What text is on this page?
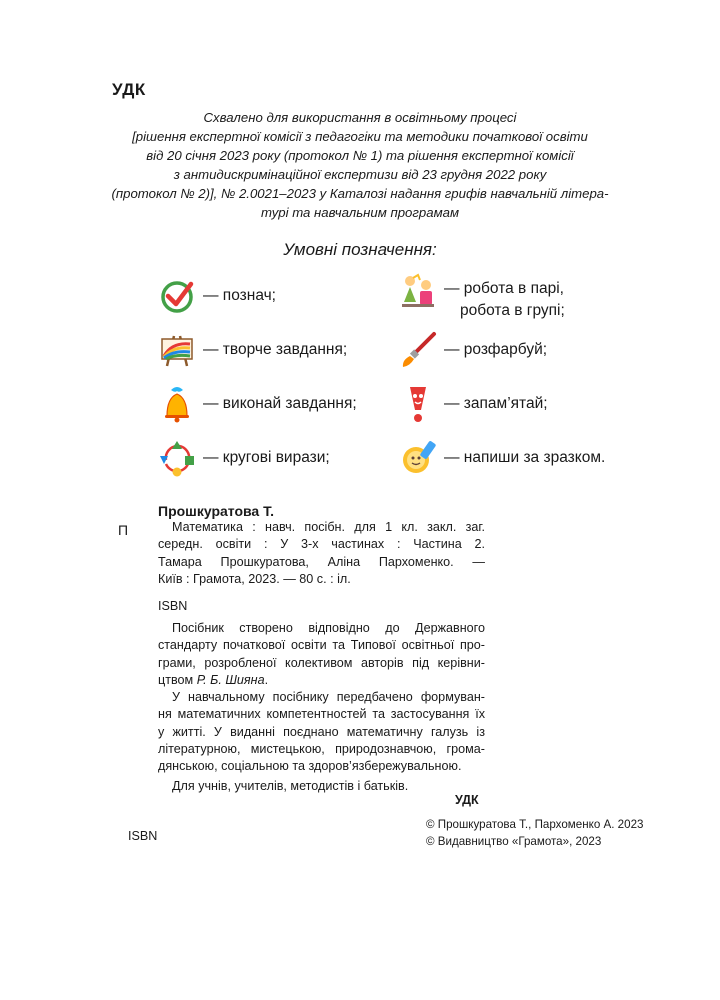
УДК
Схвалено для використання в освітньому процесі
[рішення експертної комісії з педагогіки та методики початкової освіти
від 20 січня 2023 року (протокол № 1) та рішення експертної комісії
з антидискримінаційної експертизи від 23 грудня 2022 року
(протокол № 2)], № 2.0021–2023 у Каталозі надання грифів навчальній літера-
турі та навчальним програмам
Умовні позначення:
— познач;
— творче завдання;
— виконай завдання;
— кругові вирази;
— робота в парі,
робота в групі;
— розфарбуй;
— запам’ятай;
— напиши за зразком.
Прошкуратова Т.
П	Математика : навч. посібн. для 1 кл. закл. заг.
середн. освіти : У 3-х частинах : Частина 2.
Тамара Прошкуратова, Аліна Пархоменко. —
Київ : Грамота, 2023. — 80 с. : іл.
ISBN
Посібник створено відповідно до Державного
стандарту початкової освіти та Типової освітньої про-
грами, розробленої колективом авторів під керівни-
цтвом Р. Б. Шияна.
У навчальному посібнику передбачено формуван-
ня математичних компетентностей та застосування їх
у житті. У виданні поєднано математичну галузь із
літературною, мистецькою, природознавчою, грома-
дянською, соціальною та здоров’язбережувальною.
Для учнів, учителів, методистів і батьків.
УДК
ISBN
© Прошкуратова Т., Пархоменко А. 2023
© Видавництво «Грамота», 2023
